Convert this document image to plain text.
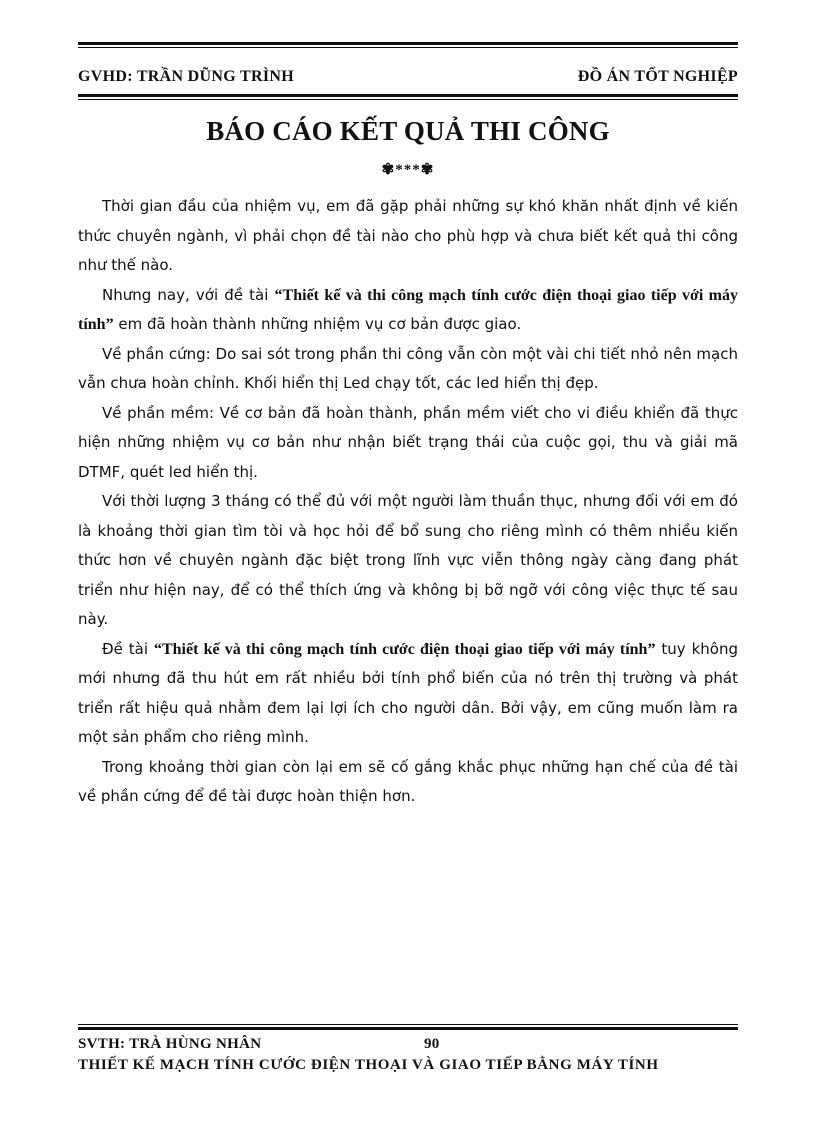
GVHD: TRẦN DŨNG TRÌNH	ĐỒ ÁN TỐT NGHIỆP
BÁO CÁO KẾT QUẢ THI CÔNG
✾***✾

Thời gian đầu của nhiệm vụ, em đã gặp phải những sự khó khăn nhất định về kiến thức chuyên ngành, vì phải chọn đề tài nào cho phù hợp và chưa biết kết quả thi công như thế nào.

Nhưng nay, với đề tài “Thiết kế và thi công mạch tính cước điện thoại giao tiếp với máy tính” em đã hoàn thành những nhiệm vụ cơ bản được giao.

Về phần cứng: Do sai sót trong phần thi công vẫn còn một vài chi tiết nhỏ nên mạch vẫn chưa hoàn chỉnh. Khối hiển thị Led chạy tốt, các led hiển thị đẹp.

Về phần mềm: Về cơ bản đã hoàn thành, phần mềm viết cho vi điều khiển đã thực hiện những nhiệm vụ cơ bản như nhận biết trạng thái của cuộc gọi, thu và giải mã DTMF, quét led hiển thị.

Với thời lượng 3 tháng có thể đủ với một người làm thuần thục, nhưng đối với em đó là khoảng thời gian tìm tòi và học hỏi để bổ sung cho riêng mình có thêm nhiều kiến thức hơn về chuyên ngành đặc biệt trong lĩnh vực viễn thông ngày càng đang phát triển như hiện nay, để có thể thích ứng và không bị bỡ ngỡ với công việc thực tế sau này.

Đề tài “Thiết kế và thi công mạch tính cước điện thoại giao tiếp với máy tính” tuy không mới nhưng đã thu hút em rất nhiều bởi tính phổ biến của nó trên thị trường và phát triển rất hiệu quả nhằm đem lại lợi ích cho người dân. Bởi vậy, em cũng muốn làm ra một sản phẩm cho riêng mình.

Trong khoảng thời gian còn lại em sẽ cố gắng khắc phục những hạn chế của đề tài về phần cứng để đề tài được hoàn thiện hơn.

SVTH: TRÀ HÙNG NHÂN	90
THIẾT KẾ MẠCH TÍNH CƯỚC ĐIỆN THOẠI VÀ GIAO TIẾP BẰNG MÁY TÍNH
